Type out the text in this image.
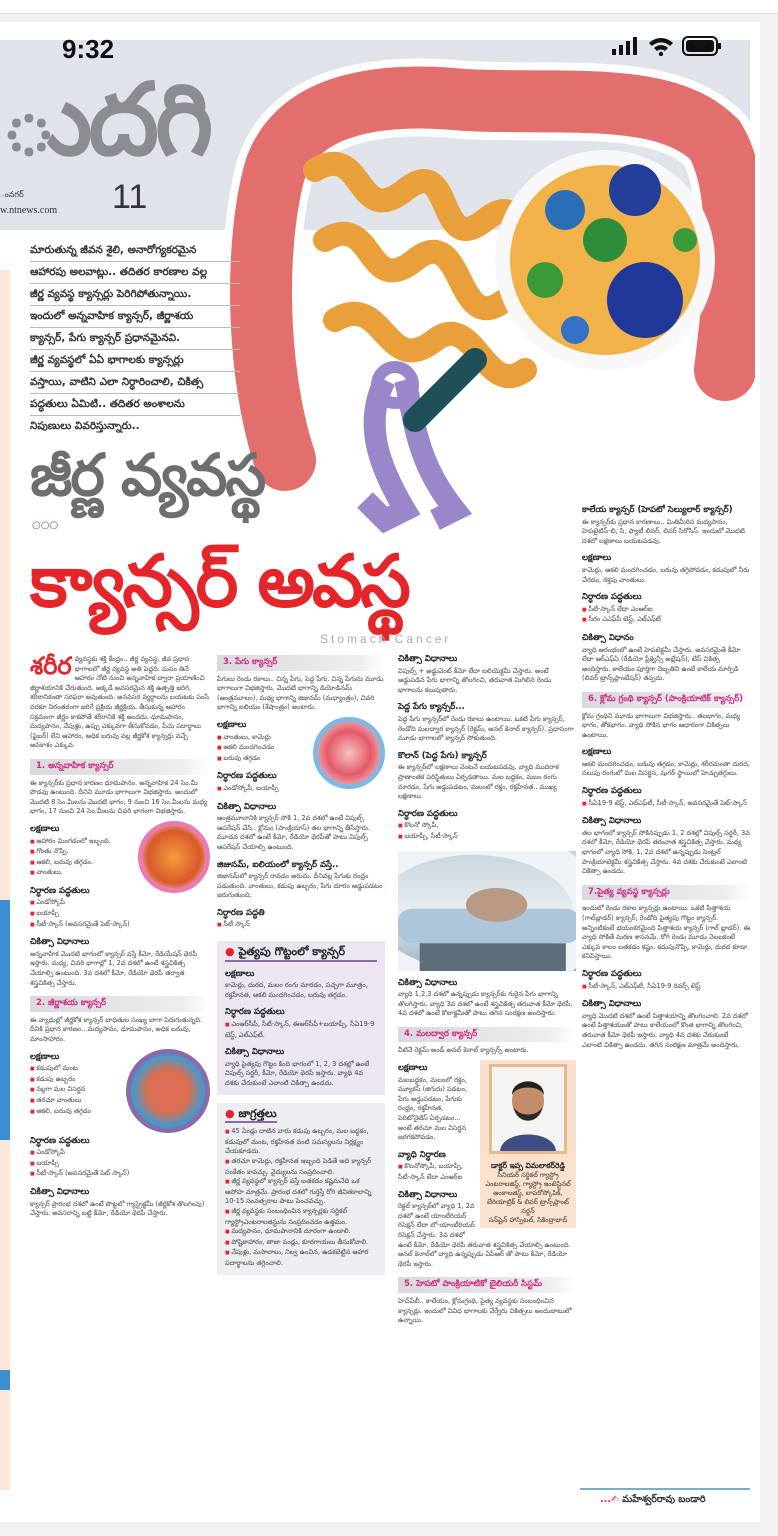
ుదగి
ంనగర్	11
w.ntnews.com
9:32

మారుతున్న జీవన శైలి, అనారోగ్యకరమైన

ఆహారపు అలవాట్లు.. తదితర కారణాల వల్ల

జీర్ణ వ్యవస్థ క్యాన్సర్లు పెరిగిపోతున్నాయి.

ఇందులో అన్నవాహిక క్యాన్సర్, జీర్ణాశయ

క్యాన్సర్, పేగు క్యాన్సర్ ప్రధానమైనవి.

జీర్ణ వ్యవస్థలో ఏఏ భాగాలకు క్యాన్సర్లు

వస్తాయి, వాటిని ఎలా నిర్ధారించాలి, చికిత్స

పద్ధతులు ఏమిటి.. తదితర అంశాలను

నిపుణులు వివరిస్తున్నారు..

జీర్ణ వ్యవస్థ
○○○
క్యాన్సర్ అవస్థ
Stomach Cancer

శరీర వ్యవస్థకు శక్తి కేంద్రం.. జీర్ణ వ్యవస్థ. జీవ ప్రధాన భాగాలలో జీర్ణ వ్యవస్థ అతి పెద్దది. మనం తినే ఆహారం నోటి నుంచి అన్నవాహిక ద్వారా ప్రయాణించి జీర్ణాశయానికి చేరుతుంది. అక్కడే అవసరమైన శక్తి ఉత్పత్తి జరిగి, శరీరానికంతా సరఫరా అవుతుంది. అనవసర వ్యర్థాలను బయటకు పంపే వరకూ నిరంతరంగా జరిగే ప్రక్రియ జీర్ణక్రియ. తీసుకున్న ఆహారం సక్రమంగా జీర్ణం కాకపోతే శరీరానికి శక్తి అందదు. ధూమపానం, మద్యపానం, వేపుళ్లు, ఉప్పు ఎక్కువగా తీసుకోవడం, పీచు పదార్థాలు (ఫైబర్) లేని ఆహారం, అధిక బరువు వల్ల జీర్ణకోశ క్యాన్సర్లు వచ్చే అవకాశం ఎక్కువ.

1. అన్నవాహిక క్యాన్సర్

ఈ క్యాన్సర్‌కు ప్రధాన కారణం ధూమపానం. అన్నవాహిక 24 సెం.మీ పొడవు ఉంటుంది. దీనిని మూడు భాగాలుగా విభజిస్తారు. అందులో మొదటి 8 సెం.మీలను మొదటి భాగం, 9 నుంచి 16 సెం.మీలను మధ్య భాగం, 17 నుంచి 24 సెం.మీలను చివరి భాగంగా విభజిస్తారు.

లక్షణాలు
■ ఆహారం మింగడంలో ఇబ్బంది.
■ గొంతు నొప్పి.
■ ఆకలి, బరువు తగ్గడం.
■ వాంతులు.
నిర్ధారణ పద్ధతులు
■ ఎండోస్కోపీ
■ బయాప్సీ
■ సీటీ-స్కాన్ (అవసరమైతే పెట్-స్కాన్)
చికిత్సా విధానాలు

అన్నవాహిక మొదటి భాగంలో క్యాన్సర్ వస్తే కీమో, రేడియేషన్ థెరపీ ఇస్తారు. మధ్య, చివరి భాగాల్లో 1, 2వ దశలో ఉంటే శస్త్రచికిత్స చేయాల్సి ఉంటుంది. 3వ దశలో కీమో, రేడియో థెరపీ తర్వాత శస్త్రచికిత్స చేస్తారు.

2. జీర్ణాశయ క్యాన్సర్

ఈ వ్యాధుల్లో జీర్ణకోశ క్యాన్సర్ బాధితుల సంఖ్య బాగా పెరుగుతున్నది. దీనికి ప్రధాన కారణం.. మద్యపానం, ధూమపానం, అధిక బరువు, మాంసాహారం.

లక్షణాలు
■ కడుపులో మంట
■ కడుపు ఉబ్బరం
■ నల్లగా మల విసర్జన
■ తరచూ వాంతులు
■ ఆకలి, బరువు తగ్గడం
నిర్ధారణ పద్ధతులు
■ ఎండోస్కోపీ
■ బయాప్సీ
■ సీటీ-స్కాన్ (అవసరమైతే పెట్ స్కాన్)
చికిత్సా విధానాలు

క్యాన్సర్ ప్రారంభ దశలో ఉంటే పొట్టలో గ్యాస్ట్రెక్టమీ (జీర్ణకోశ తొలగింపు) చేస్తారు. అవసరాన్ని బట్టి కీమో, రేడియో థెరపీ చేస్తారు.

3. పేగు క్యాన్సర్

పేగులు రెండు రకాలు.. చిన్న పేగు, పెద్ద పేగు. చిన్న పేగును మూడు భాగాలుగా విభజిస్తారు. మొదటి భాగాన్ని డియోడినమ్ (ఆంత్రమూలం), మధ్య భాగాన్ని జిజునమ్ (మధ్యాంత్రం), చివరి భాగాన్ని ఐలియం (శేషాంత్రం) అంటారు.

లక్షణాలు
■ వాంతులు, కామెర్లు
■ ఆకలి మందగించడం
■ బరువు తగ్గడం
నిర్ధారణ పద్ధతులు
■ ఎండోస్కోపీ, బయాప్సీ
చికిత్సా విధానాలు

ఆంత్రమూలానికి క్యాన్సర్ సోకి 1, 2వ దశలో ఉంటే విపుల్స్ ఆపరేషన్ చేసి.. క్లోమం (పాంక్రియాస్) తల భాగాన్ని తీసేస్తారు. మూడవ దశలో ఉంటే కీమో, రేడియో థెరపీతో పాటు విపుల్స్ ఆపరేషన్ చేయాల్సి ఉంటుంది.

జిజునమ్, ఐలియంలో క్యాన్సర్ వస్తే..

జిజునమ్‌లో క్యాన్సర్ రావడం అరుదు. దీనివల్ల పేగుకు రంధ్రం పడుతుంది. వాంతులు, కడుపు ఉబ్బరం, పేగు దూరం అడ్డుపడటం జరుగుతుంది.

నిర్ధారణ పద్ధతి
■ సీటీ స్కాన్
● పైత్యపు గొట్టంలో క్యాన్సర్
లక్షణాలు

కామెర్లు, దురద, మలం రంగు మారడం, పచ్చగా మూత్రం, రక్తహీనత, ఆకలి మందగించడం, బరువు తగ్గడం.

నిర్ధారణ పద్ధతులు
■ ఎంఆర్‌సీపీ, సీటీ-స్కాన్, ఈఆర్‌సీపీ+బయాప్సీ, సీఏ19-9 టెస్ట్, ఎల్‌ఎఫ్‌టీ.
చికిత్సా విధానాలు

వ్యాధి పైత్యపు గొట్టం కింది భాగంలో 1, 2, 3 దశల్లో ఉంటే విపుల్స్ సర్జరీ, కీమో, రేడియో థెరపీ ఇస్తారు. వ్యాధి 4వ దశకు చేరుకుంటే ఎలాంటి చికిత్సా ఉండదు.

● జాగ్రత్తలు
■ 45 ఏండ్లు దాటిన వారు కడుపు ఉబ్బరం, మల బద్ధకం, కడుపులో మంట, రక్తహీనత వంటి సమస్యలను నిర్లక్ష్యం చేయకూడదు.
■ తరచూ కామెర్లు, రక్తహీనత ఇబ్బంది పెడితే అది క్యాన్సర్ సంకేతం కావచ్చు. వైద్యులను సంప్రదించాలి.
■ జీర్ణ వ్యవస్థలో క్యాన్సర్ వస్తే బతకడం కష్టమనేది ఒక అపోహ మాత్రమే. ప్రారంభ దశలో గుర్తిస్తే రోగి జీవితకాలాన్ని 10-15 సంవత్సరాల పాటు పెంచవచ్చు.
■ జీర్ణ వ్యవస్థకు సంబంధించిన క్యాన్సర్లకు సర్జికల్ గ్యాస్ట్రోఎంటరాలజిస్టును సంప్రదించడం ఉత్తమం.
■ మద్యపానం, ధూమపానానికి దూరంగా ఉండాలి.
■ పోష్టికాహారం, తాజా పండ్లు, కూరగాయలు తీసుకోవాలి.
■ వేపుళ్లు, మసాలాలు, నిల్వ ఉంచిన, ఉడకబెట్టిన ఆహార పదార్థాలను తగ్గించాలి.
చికిత్సా విధానాలు

విపుల్స్ + అడ్జువెంట్ కీమో లేదా ఐలియెక్టమీ చేస్తారు. అంటే అడ్డుపడిన పేగు భాగాన్ని తొలగించి, తరువాత మిగిలిన రెండు భాగాలను కలుపుతారు.

పెద్ద పేగు క్యాన్సర్...

పెద్ద పేగు క్యాన్సర్‌లో రెండు రకాలు ఉంటాయి. ఒకటి పేగు క్యాన్సర్, రెండోది మలద్వార క్యాన్సర్ (రెక్టమ్, అనల్ కెనాల్ క్యాన్సర్). ప్రధానంగా మూడు భాగాలలో క్యాన్సర్ సోకుతుంది.

కొలాన్ (పెద్ద పేగు) క్యాన్సర్

ఈ క్యాన్సర్‌లో లక్షణాలు వెంటనే బయటపడవు. వ్యాధి ముదిరాక ప్రాణాంతక పరిస్థితులు ఏర్పడతాయి. మల బద్ధకం, మలం రంగు మారడం, పేగు అడ్డుపడటం, మలంలో రక్తం, రక్తహీనత.. ముఖ్య లక్షణాలు.

నిర్ధారణ పద్ధతులు
■ కొలనో స్కోపీ,
■ బయాప్సీ, సీటీ-స్కాన్
చికిత్సా విధానాలు

వ్యాధి 1,2,3 దశలో ఉన్నప్పుడు క్యాన్సర్‌కు గురైన పేగు భాగాన్ని తొలగిస్తారు. వ్యాధి 3వ దశలో ఉంటే శస్త్రచికిత్స తరువాత కీమో థెరపీ, 4వ దశలో ఉంటే కొలాక్టమీతో పాటు తగిన సంరక్షణ అందిస్తారు.

4. మలద్వార క్యాన్సర్

వీటినే రెక్టమ్ అండ్ అనల్ కెనాల్ క్యాన్సర్స్ అంటారు.

డాక్టర్ ఇప్ప విమలాకర్‌రెడ్డి
సీనియర్ సర్జికల్ గ్యాస్ట్రో ఎంటరాలజిస్ట్, గ్యాస్ట్రో ఇంటెస్టినల్ ఆంకాలజిస్ట్, లాపరోస్కోపిక్, బేరియాట్రిక్ & లివర్ ట్రాన్స్‌ప్లాంట్ సర్జన్
సన్‌షైన్ హాస్పిటల్, సికింద్రాబాద్
లక్షణాలు

మలబద్ధకం, మలంలో రక్తం, మ్యూకస్ (జిగురు) పడటం, పేగు అడ్డుపడటం, పేగుకు రంధ్రం, రక్తహీనత, పెరిటోనైటిస్ ఏర్పడటం... అంటే తరచూ మల విసర్జన జరగకపోవడం.

వ్యాధి నిర్ధారణ
■ కొలనోస్కోపీ, బయాప్సీ, సీటీ-స్కాన్ లేదా ఎంఆర్ఐ
చికిత్సా విధానాలు

రెక్టల్ క్యాన్సర్‌లో వ్యాధి 1, 2వ దశలో ఉంటే యాంటీరియర్ రిసెక్షన్ లేదా లో-యాంటీరియర్ రిసెక్షన్ చేస్తారు. 3వ దశలో ఉంటే కీమో, రేడియో థెరపీ తరువాత శస్త్రచికిత్స చేయాల్సి ఉంటుంది. అనల్ కెనాల్‌లో వ్యాధి ఉన్నప్పుడు ఏపీఆర్ తో పాటు కీమో, రేడియో థెరపీ ఇస్తారు.

5. హెపటో పాంక్రియాటికో బైలియరీ సిస్టమ్

హెచ్‌పీబీ.. కాలేయం, క్లోమగ్రంథి, పైత్య వ్యవస్థకు సంబంధించిన క్యాన్సర్లు. ఇందులో వివిధ భాగాలకు వేర్వేరు చికిత్సలు అందుబాటులో ఉన్నాయి.

కాలేయ క్యాన్సర్ (హెపటో సెల్యులార్ క్యాన్సర్)

ఈ క్యాన్సర్‌కు ప్రధాన కారణాలు.. మితిమీరిన మద్యపానం, హెపటైటిస్-బి, సి, ఫ్యాటీ లివర్, లివర్ సిరోసిస్. ఇందులో మొదటి దశలో లక్షణాలు బయటపడవు.

లక్షణాలు

కామెర్లు, ఆకలి మందగించడం, బరువు తగ్గిపోవడం, కడుపులో నీరు చేరడం, రక్తపు వాంతులు.

నిర్ధారణ పద్ధతులు
■ సీటీ-స్కాన్ లేదా ఎంఆర్ఐ
■ సీరం ఎఎఫ్‌పీ టెస్ట్, ఎల్‌ఎఫ్‌టీ
చికిత్సా విధానం

వ్యాధి ఆరంభంలో ఉంటే హెపటెక్టమీ చేస్తారు. అవసరమైతే కీమో లేదా ఆర్ఎఫ్ఏ (రేడియో ఫ్రీక్వెన్సీ అబ్లేషన్), టేస్ చికిత్స అందిస్తారు. కాలేయం పూర్తిగా దెబ్బతిని ఉంటే కాలేయ మార్పిడి (లివర్ ట్రాన్స్‌ప్లాంటేషన్) తప్పదు.

6. క్లోమ గ్రంథి క్యాన్సర్ (పాంక్రియాటిక్ క్యాన్సర్)

క్లోమ గ్రంథిని మూడు భాగాలుగా విభజిస్తారు.. తలభాగం, మధ్య భాగం, తోకభాగం. వ్యాధి సోకిన భాగం ఆధారంగా చికిత్సలు ఉంటాయి.

లక్షణాలు

ఆకలి మందగించడం, బరువు తగ్గడం, కామెర్లు, శరీరమంతా దురద, నలుపు రంగులో మల విసర్జన, షుగర్ స్థాయిలో హెచ్చుతగ్గులు.

నిర్ధారణ పద్ధతులు
■ సీఏ19-9 టెస్ట్, ఎల్‌ఎఫ్‌టీ, సీటీ-స్కాన్, అవసరమైతే పెట్-స్కాన్
చికిత్సా విధానాలు

తల భాగంలో క్యాన్సర్ సోకినప్పుడు 1, 2 దశల్లో విపుల్స్ సర్జరీ, 3వ దశలో కీమో, రేడియో థెరపీ తరువాత శస్త్రచికిత్స చేస్తారు. మధ్య భాగంలో వ్యాధి సోకి, 1, 2వ దశలో ఉన్నప్పుడు సెంట్రల్ పాంక్రియాటెక్టమీ శస్త్రచికిత్స చేస్తారు. 4వ దశకు చేరుకుంటే ఎలాంటి చికిత్సా ఉండదు.

7.పైత్య వ్యవస్థ క్యాన్సర్లు

ఇందులో రెండు రకాల క్యాన్సర్లు ఉంటాయి. ఒకటి పిత్తాశయ (గాల్‌బ్లాడర్) క్యాన్సర్, రెండోది పైత్యపు గొట్టం క్యాన్సర్. అన్నింటికంటే భయంకరమైంది పిత్తాశయ క్యాన్సర్ (గాల్ బ్లాడర్). ఈ వ్యాధి సోకితే మరణ శాసనమే. రోగి రెండు మూడు నెలలకంటే ఎక్కువ కాలం బతకడం కష్టం. కడుపునొప్పి, కామెర్లు, దురద కూడా కనిపిస్తాయి.

నిర్ధారణ పద్ధతులు
■ సీటీ-స్కాన్, ఎల్‌ఎఫ్‌టీ, సీఏ19-9 రివర్స్ టెస్ట్
చికిత్సా విధానాలు

వ్యాధి మొదటి దశలో ఉంటే పిత్తాశయాన్ని తొలగించాలి. 2వ దశలో ఉంటే పిత్తాశయంతో పాటు కాలేయంలో కొంత భాగాన్ని తొలగించి, తరువాత కీమో థెరపీ ఇస్తారు. వ్యాధి 4వ దశకు చేరుకుంటే ఎలాంటి చికిత్సా ఉండదు. తగిన సంరక్షణ మాత్రమే అందిస్తారు.

...✍ మహేశ్వర్‌రావు బండారి
